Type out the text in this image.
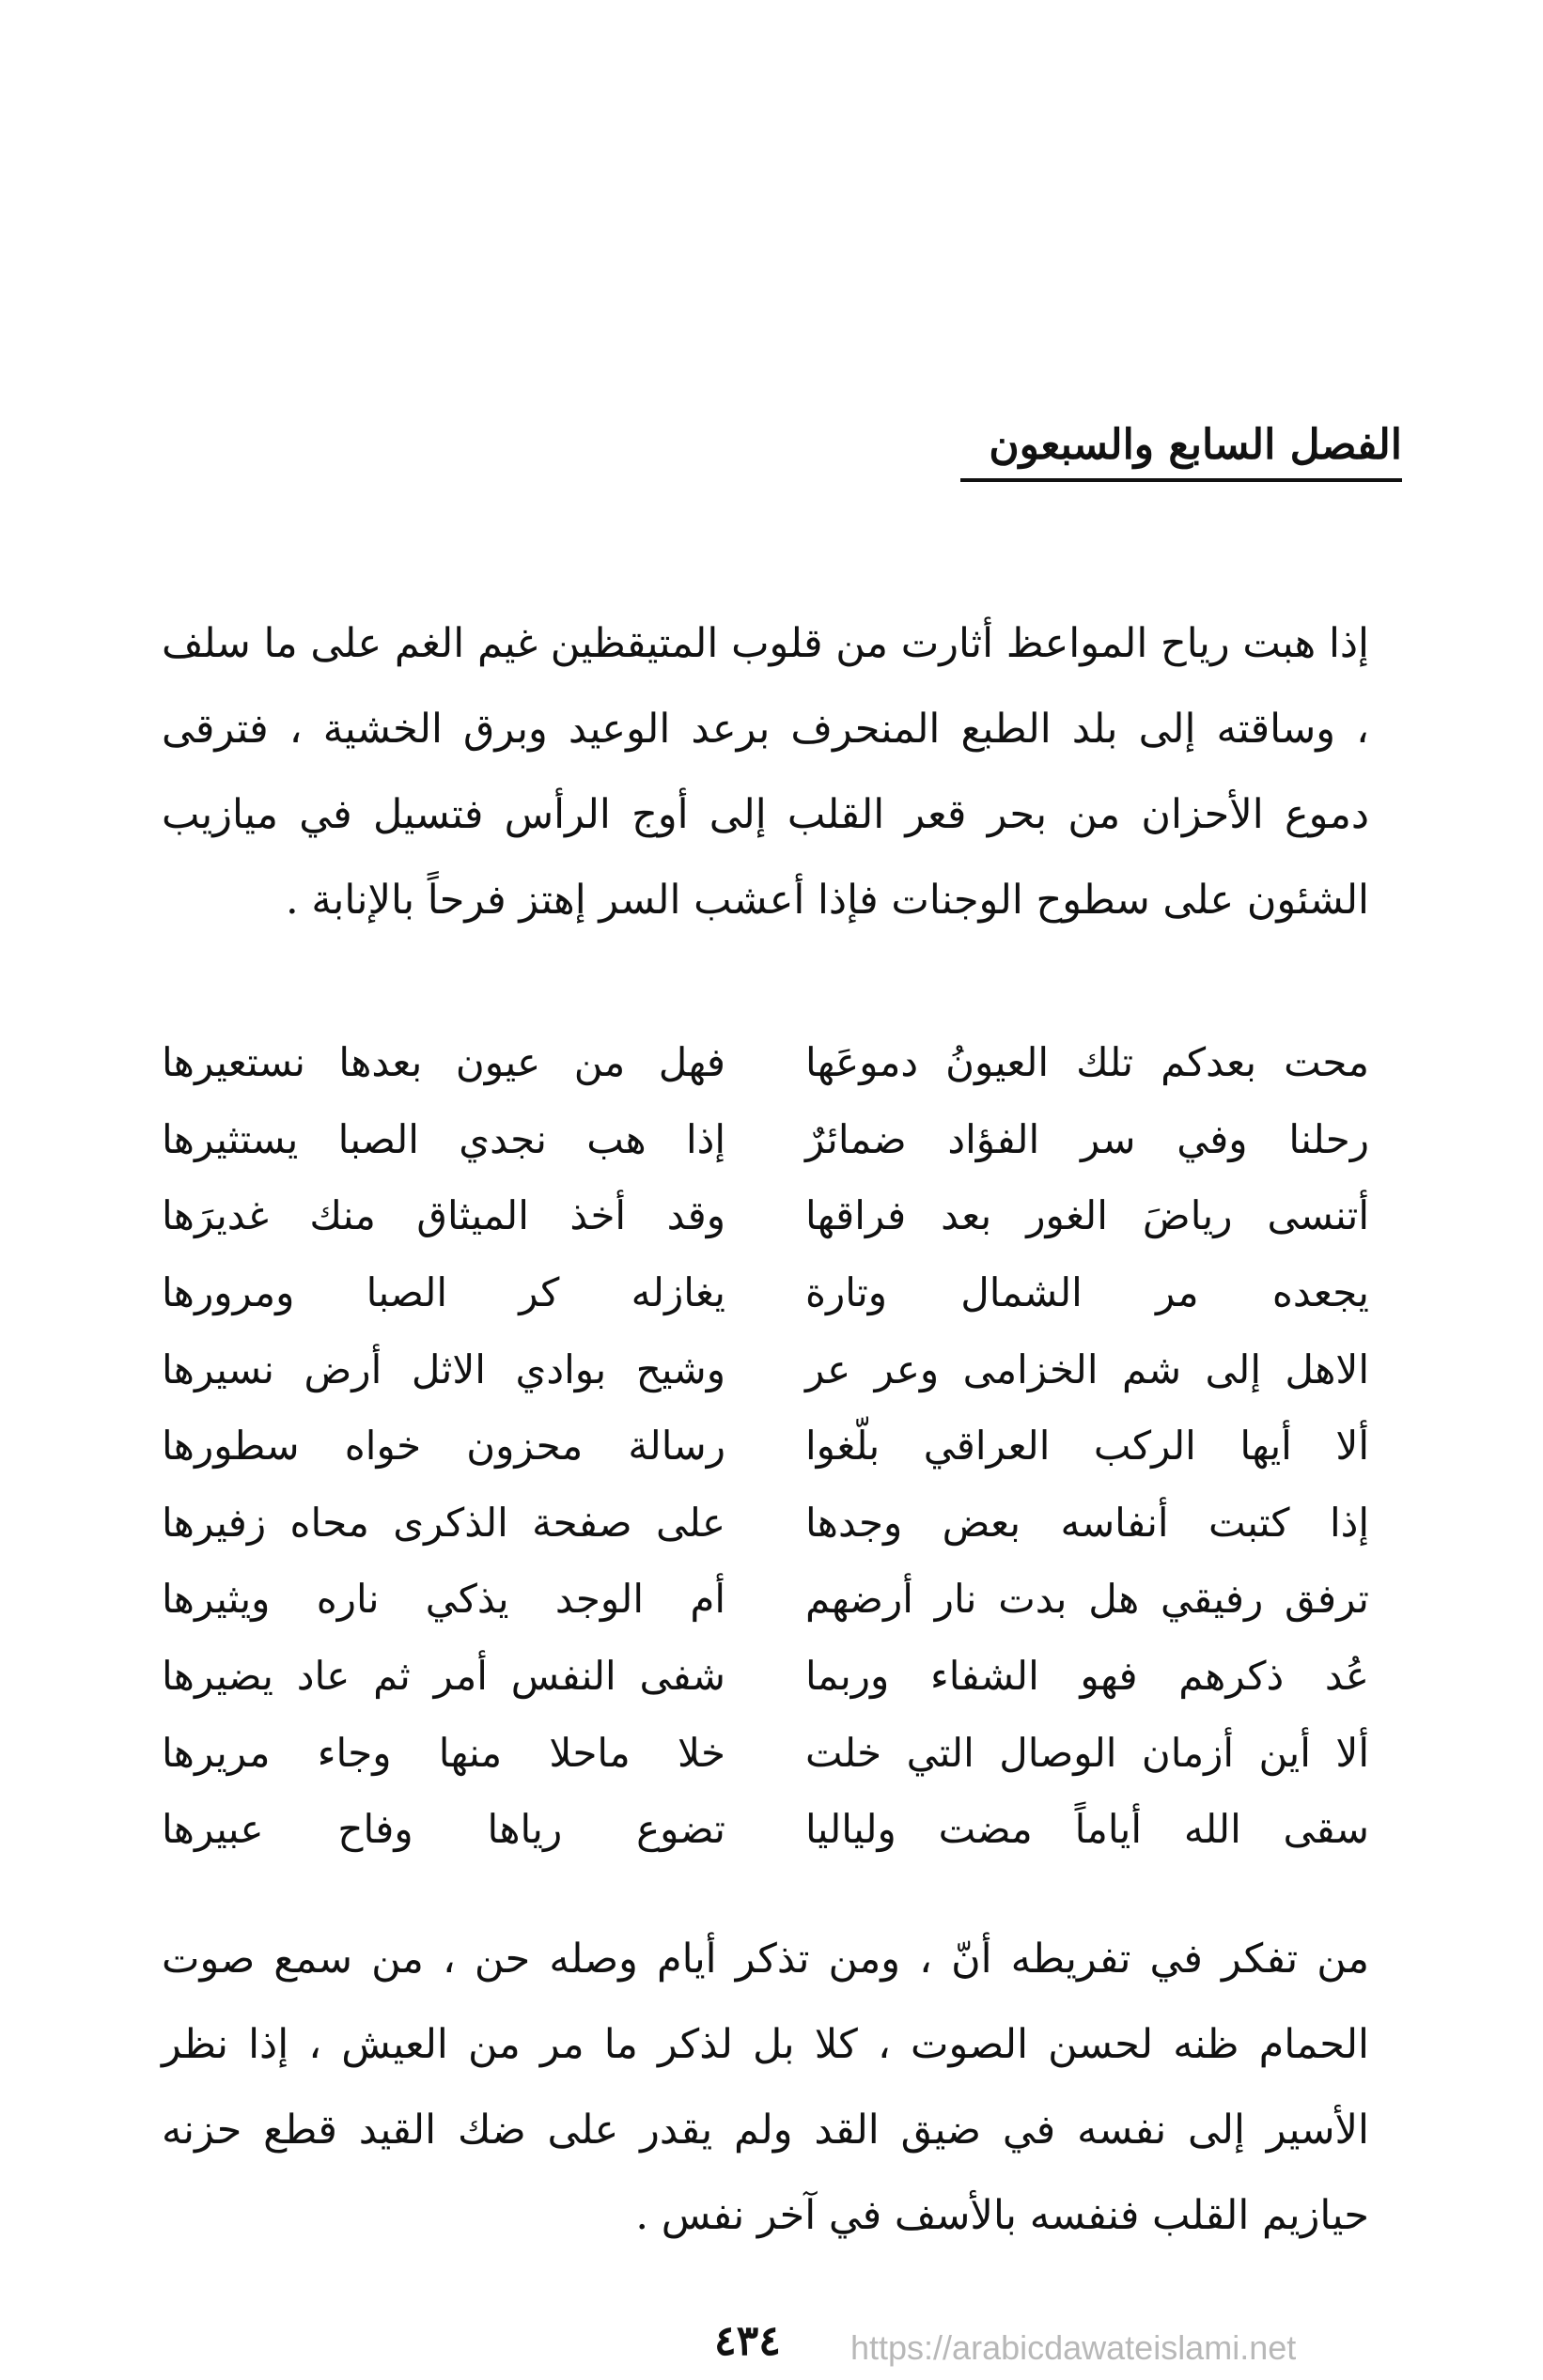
الفصل السابع والسبعون
إذا هبت رياح المواعظ أثارت من قلوب المتيقظين غيم الغم على ما سلف ، وساقته إلى بلد الطبع المنحرف برعد الوعيد وبرق الخشية ، فترقى دموع الأحزان من بحر قعر القلب إلى أوج الرأس فتسيل في ميازيب الشئون على سطوح الوجنات فإذا أعشب السر إهتز فرحاً بالإنابة .
محت بعدكم تلك العيونُ دموعَها
فهل من عيون بعدها نستعيرها
رحلنا وفي سر الفؤاد ضمائرٌ
إذا هب نجدي الصبا يستثيرها
أتنسى رياضَ الغور بعد فراقها
وقد أخذ الميثاق منك غديرَها
يجعده مر الشمال وتارة
يغازله كر الصبا ومرورها
الاهل إلى شم الخزامى وعر عر
وشيح بوادي الاثل أرض نسيرها
ألا أيها الركب العراقي بلّغوا
رسالة محزون خواه سطورها
إذا كتبت أنفاسه بعض وجدها
على صفحة الذكرى محاه زفيرها
ترفق رفيقي هل بدت نار أرضهم
أم الوجد يذكي ناره ويثيرها
عُد ذكرهم فهو الشفاء وربما
شفى النفس أمر ثم عاد يضيرها
ألا أين أزمان الوصال التي خلت
خلا ماحلا منها وجاء مريرها
سقى الله أياماً مضت ولياليا
تضوع رياها وفاح عبيرها
من تفكر في تفريطه أنّ ، ومن تذكر أيام وصله حن ، من سمع صوت الحمام ظنه لحسن الصوت ، كلا بل لذكر ما مر من العيش ، إذا نظر الأسير إلى نفسه في ضيق القد ولم يقدر على ضك القيد قطع حزنه حيازيم القلب فنفسه بالأسف في آخر نفس .
٤٣٤ https://arabicdawateislami.net
